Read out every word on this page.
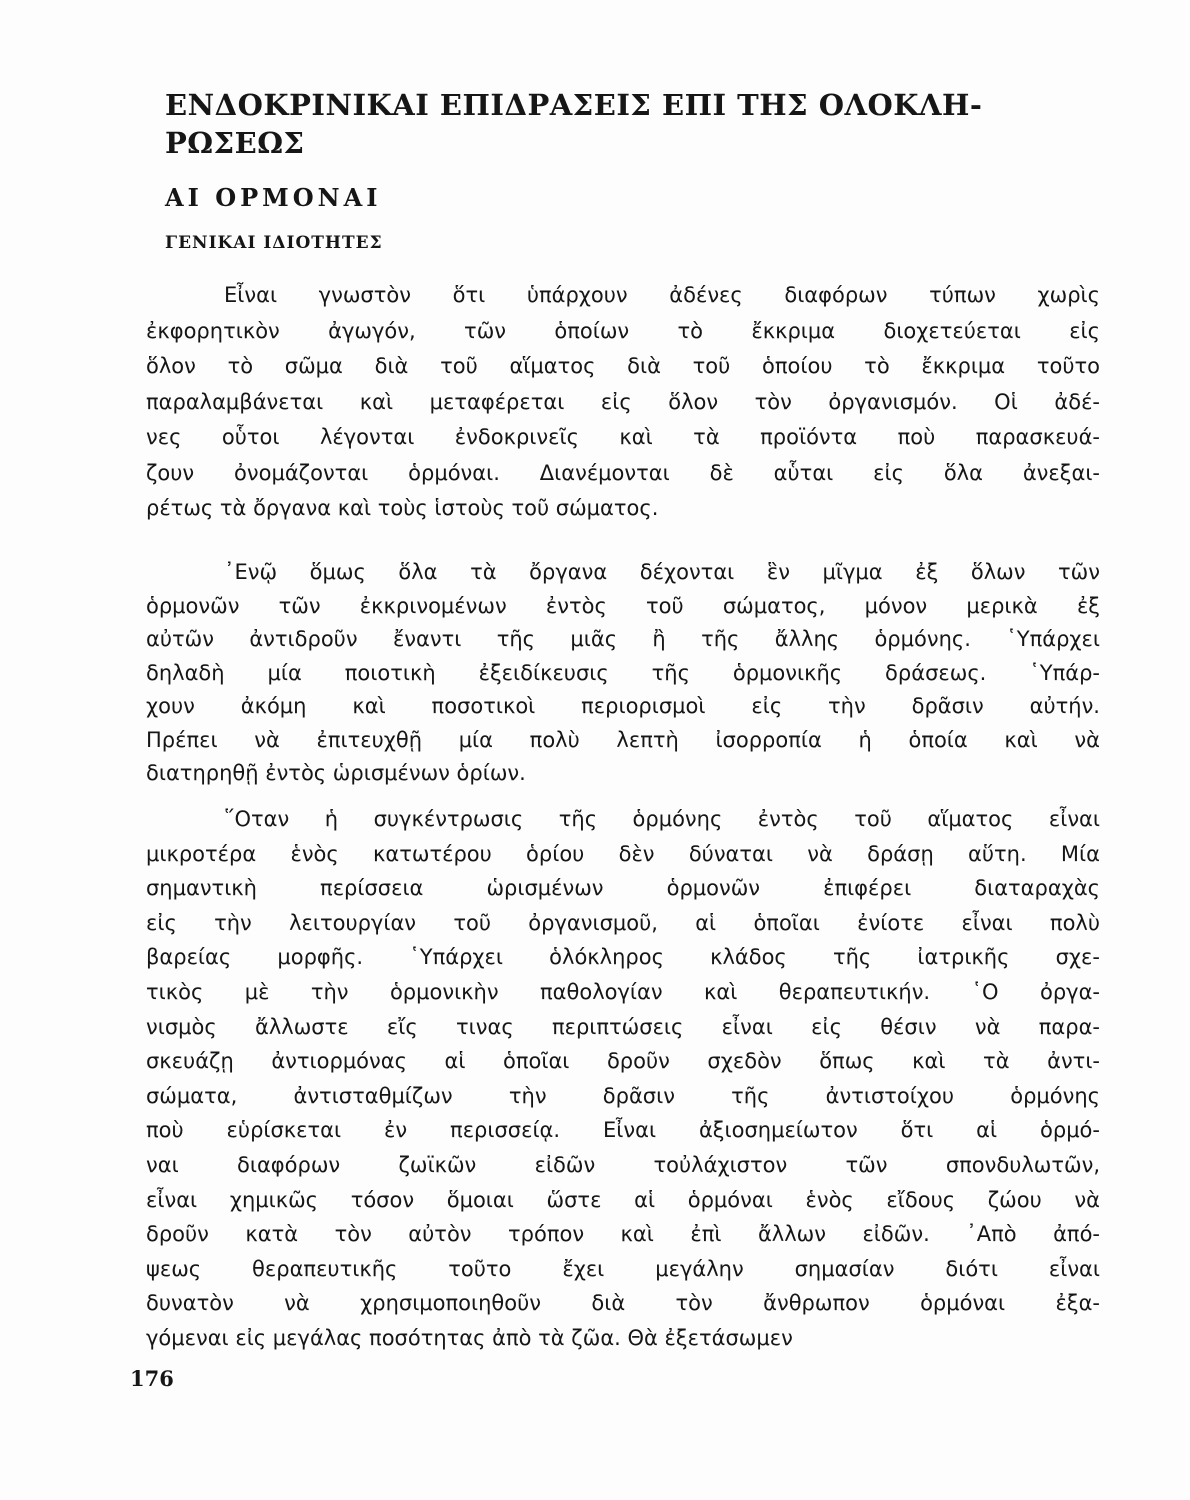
ΕΝΔΟΚΡΙΝΙΚΑΙ ΕΠΙΔΡΑΣΕΙΣ ΕΠΙ ΤΗΣ ΟΛΟΚΛΗ-
ΡΩΣΕΩΣ
ΑΙ ΟΡΜΟΝΑΙ
ΓΕΝΙΚΑΙ ΙΔΙΟΤΗΤΕΣ
Εἶναι γνωστὸν ὅτι ὑπάρχουν ἀδένες διαφόρων τύπων χωρὶς
ἐκφορητικὸν ἀγωγόν, τῶν ὁποίων τὸ ἔκκριμα διοχετεύεται εἰς
ὅλον τὸ σῶμα διὰ τοῦ αἵματος διὰ τοῦ ὁποίου τὸ ἔκκριμα τοῦτο
παραλαμβάνεται καὶ μεταφέρεται εἰς ὅλον τὸν ὀργανισμόν. Οἱ ἀδέ-
νες οὗτοι λέγονται ἐνδοκρινεῖς καὶ τὰ προϊόντα ποὺ παρασκευά-
ζουν ὀνομάζονται ὁρμόναι. Διανέμονται δὲ αὗται εἰς ὅλα ἀνεξαι-
ρέτως τὰ ὄργανα καὶ τοὺς ἱστοὺς τοῦ σώματος.
᾿Ενῷ ὅμως ὅλα τὰ ὄργανα δέχονται ἓν μῖγμα ἐξ ὅλων τῶν
ὁρμονῶν τῶν ἐκκρινομένων ἐντὸς τοῦ σώματος, μόνον μερικὰ ἐξ
αὐτῶν ἀντιδροῦν ἔναντι τῆς μιᾶς ἢ τῆς ἄλλης ὁρμόνης. ῾Υπάρχει
δηλαδὴ μία ποιοτικὴ ἐξειδίκευσις τῆς ὁρμονικῆς δράσεως. ῾Υπάρ-
χουν ἀκόμη καὶ ποσοτικοὶ περιορισμοὶ εἰς τὴν δρᾶσιν αὐτήν.
Πρέπει νὰ ἐπιτευχθῇ μία πολὺ λεπτὴ ἰσορροπία ἡ ὁποία καὶ νὰ
διατηρηθῇ ἐντὸς ὡρισμένων ὁρίων.
῞Οταν ἡ συγκέντρωσις τῆς ὁρμόνης ἐντὸς τοῦ αἵματος εἶναι
μικροτέρα ἑνὸς κατωτέρου ὁρίου δὲν δύναται νὰ δράσῃ αὕτη. Μία
σημαντικὴ περίσσεια ὡρισμένων ὁρμονῶν ἐπιφέρει διαταραχὰς
εἰς τὴν λειτουργίαν τοῦ ὀργανισμοῦ, αἱ ὁποῖαι ἐνίοτε εἶναι πολὺ
βαρείας μορφῆς. ῾Υπάρχει ὁλόκληρος κλάδος τῆς ἰατρικῆς σχε-
τικὸς μὲ τὴν ὁρμονικὴν παθολογίαν καὶ θεραπευτικήν. ῾Ο ὀργα-
νισμὸς ἄλλωστε εἴς τινας περιπτώσεις εἶναι εἰς θέσιν νὰ παρα-
σκευάζῃ ἀντιορμόνας αἱ ὁποῖαι δροῦν σχεδὸν ὅπως καὶ τὰ ἀντι-
σώματα, ἀντισταθμίζων τὴν δρᾶσιν τῆς ἀντιστοίχου ὁρμόνης
ποὺ εὑρίσκεται ἐν περισσείᾳ. Εἶναι ἀξιοσημείωτον ὅτι αἱ ὁρμό-
ναι διαφόρων ζωϊκῶν εἰδῶν τοὐλάχιστον τῶν σπονδυλωτῶν,
εἶναι χημικῶς τόσον ὅμοιαι ὥστε αἱ ὁρμόναι ἑνὸς εἴδους ζώου νὰ
δροῦν κατὰ τὸν αὐτὸν τρόπον καὶ ἐπὶ ἄλλων εἰδῶν. ᾿Απὸ ἀπό-
ψεως θεραπευτικῆς τοῦτο ἔχει μεγάλην σημασίαν διότι εἶναι
δυνατὸν νὰ χρησιμοποιηθοῦν διὰ τὸν ἄνθρωπον ὁρμόναι ἐξα-
γόμεναι εἰς μεγάλας ποσότητας ἀπὸ τὰ ζῶα. Θὰ ἐξετάσωμεν
176
